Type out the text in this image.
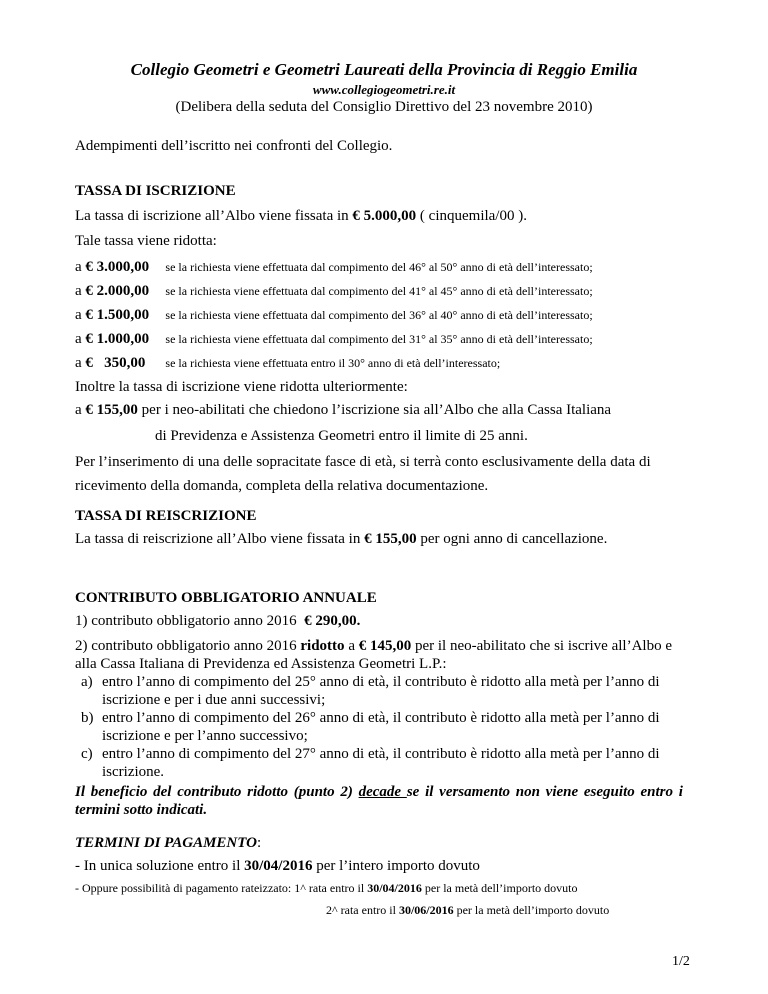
Collegio Geometri e Geometri Laureati della Provincia di Reggio Emilia
www.collegiogeometri.re.it
(Delibera della seduta del Consiglio Direttivo del 23 novembre 2010)
Adempimenti dell’iscritto nei confronti del Collegio.
TASSA DI ISCRIZIONE
La tassa di iscrizione all’Albo viene fissata in € 5.000,00 ( cinquemila/00 ).
Tale tassa viene ridotta:
a € 3.000,00 se la richiesta viene effettuata dal compimento del 46° al 50° anno di età dell’interessato;
a € 2.000,00 se la richiesta viene effettuata dal compimento del 41° al 45° anno di età dell’interessato;
a € 1.500,00 se la richiesta viene effettuata dal compimento del 36° al 40° anno di età dell’interessato;
a € 1.000,00 se la richiesta viene effettuata dal compimento del 31° al 35° anno di età dell’interessato;
a €   350,00 se la richiesta viene effettuata entro il 30° anno di età dell’interessato;
Inoltre la tassa di iscrizione viene ridotta ulteriormente:
a € 155,00 per i neo-abilitati che chiedono l’iscrizione sia all’Albo che alla Cassa Italiana
di Previdenza e Assistenza Geometri entro il limite di 25 anni.
Per l’inserimento di una delle sopracitate fasce di età, si terrà conto esclusivamente della data di
ricevimento della domanda, completa della relativa documentazione.
TASSA DI REISCRIZIONE
La tassa di reiscrizione all’Albo viene fissata in € 155,00 per ogni anno di cancellazione.
CONTRIBUTO OBBLIGATORIO ANNUALE
1) contributo obbligatorio anno 2016  € 290,00.
2) contributo obbligatorio anno 2016 ridotto a € 145,00 per il neo-abilitato che si iscrive all’Albo e
alla Cassa Italiana di Previdenza ed Assistenza Geometri L.P.:
a) entro l’anno di compimento del 25° anno di età, il contributo è ridotto alla metà per l’anno di
iscrizione e per i due anni successivi;
b) entro l’anno di compimento del 26° anno di età, il contributo è ridotto alla metà per l’anno di
iscrizione e per l’anno successivo;
c) entro l’anno di compimento del 27° anno di età, il contributo è ridotto alla metà per l’anno di
iscrizione.
Il beneficio del contributo ridotto (punto 2) decade se il versamento non viene eseguito entro i
termini sotto indicati.
TERMINI DI PAGAMENTO:
- In unica soluzione entro il 30/04/2016 per l’intero importo dovuto
- Oppure possibilità di pagamento rateizzato: 1^ rata entro il 30/04/2016 per la metà dell’importo dovuto
2^ rata entro il 30/06/2016 per la metà dell’importo dovuto
1/2
